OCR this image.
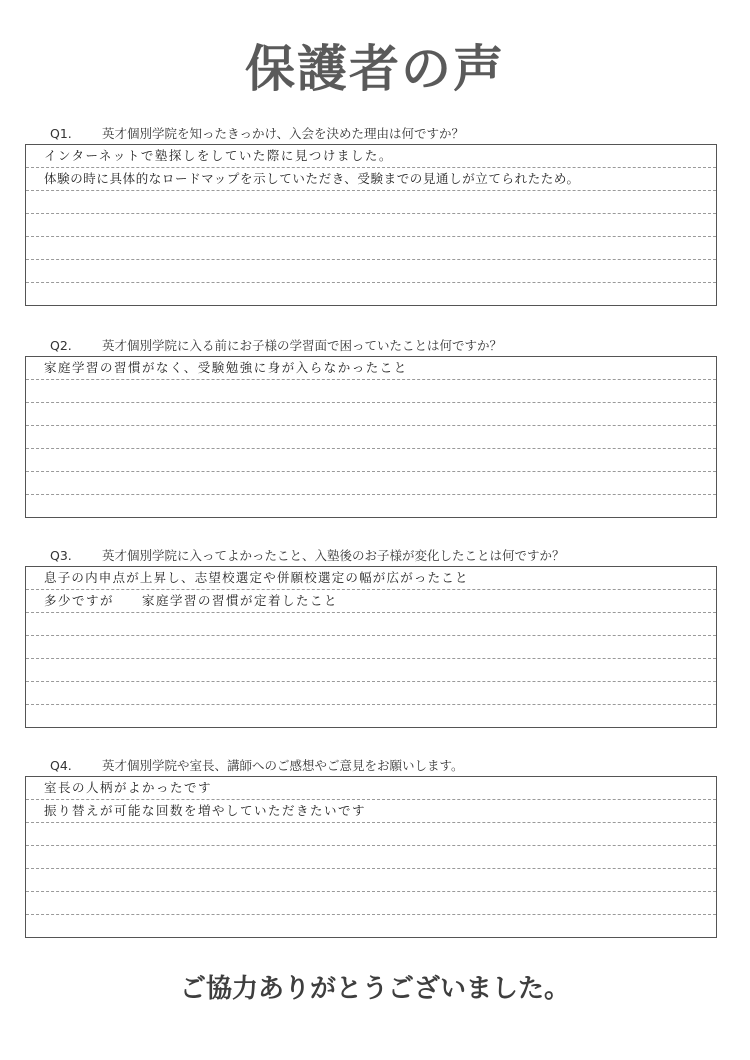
保護者の声
Q1. 英才個別学院を知ったきっかけ、入会を決めた理由は何ですか？
インターネットで塾探しをしていた際に見つけました。
体験の時に具体的なロードマップを示していただき、受験までの見通しが立てられたため。
Q2. 英才個別学院に入る前にお子様の学習面で困っていたことは何ですか？
家庭学習の習慣がなく、受験勉強に身が入らなかったこと
Q3. 英才個別学院に入ってよかったこと、入塾後のお子様が変化したことは何ですか？
息子の内申点が上昇し、志望校選定や併願校選定の幅が広がったこと
多少ですが　　家庭学習の習慣が定着したこと
Q4. 英才個別学院や室長、講師へのご感想やご意見をお願いします。
室長の人柄がよかったです
振り替えが可能な回数を増やしていただきたいです
ご協力ありがとうございました。
